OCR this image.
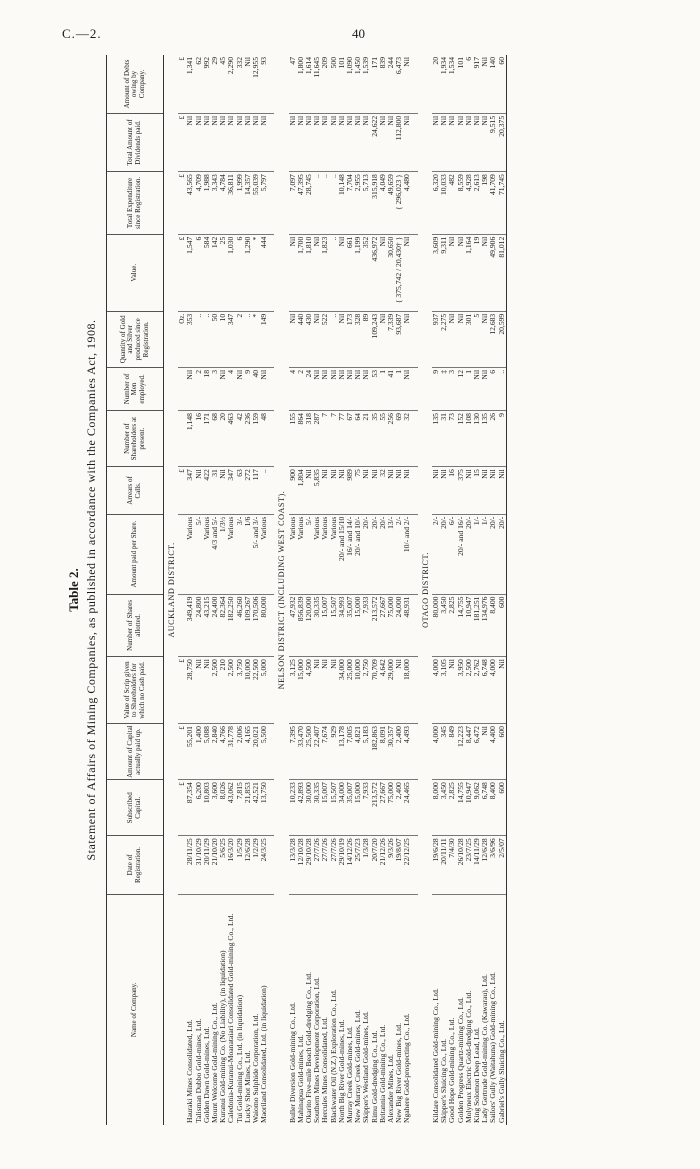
C.—2.	40
Table 2. Statement of Affairs of Mining Companies, as published in accordance with the Companies Act, 1908.
Name of Company.	Date of Registration.	Subscribed Capital.	Amount of Capital actually paid up.	Value of Scrip given to Shareholders for which no Cash paid.	Number of Shares allotted.	Amount paid per Share.	Arrears of Calls.	Number of Shareholders at present.	Number of Men employed.	Quantity of Gold and Silver produced since Registration.	Value.	Total Expenditure since Registration.	Total Amount of Dividends paid.	Amount of Debts owing by Company.
AUCKLAND DISTRICT.														
		£	£	£			£			Oz.	£	£	£	£
Hauraki Mines Consolidated, Ltd.	28/11/25	87,354	55,201	28,750	349,419	Various	347	1,148	Nil	353	1,547	43,565	Nil	1,341
Talisman Dubbo Gold-mines, Ltd.	31/10/29	6,200	1,400	Nil	24,800	5/-	Nil	16	2	..	6	4,709	Nil	62
Golden Dawn Gold-mines, Ltd.	20/11/29	10,803	5,088	Nil	43,215	Various	422	171	18	..	584	1,988	Nil	992
Mount Welcome Gold-mining Co., Ltd.	21/10/20	3,600	2,840	2,500	24,400	4/3 and 5/-	31	68	3	50	142	3,343	Nil	29
Kuranui Gold-mining Co. (No Liability), (in liquidation)	5/6/25	8,026	4,766	210	82,364	1/3½	Nil	20	Nil	10	25	4,784	Nil	45
Caledonia-Kuranui-Moanataiari Consolidated Gold-mining Co., Ltd.	16/3/20	43,062	31,778	2,500	182,250	Various	347	463	4	347	1,030	36,811	Nil	2,290
Tui Gold-mining Co., Ltd. (in liquidation)	1/5/29	7,815	2,006	3,750	46,260	3/-	63	42	Nil	2	6	1,999	Nil	332
Lucky Shot Mines, Ltd.	12/6/28	21,853	4,165	10,000	109,267	1/6	272	236	9	..	1,290	14,357	Nil	Nil
Waiomo Sulphide Corporation, Ltd.	1/2/29	42,521	20,021	22,500	170,506	5/- and 3/-	117	159	40	*	*	55,039	Nil	12,955
Maoriland Consolidated, Ltd. (in liquidation)	24/3/25	13,750	5,500	5,000	80,000	Various	..	48	Nil	149	444	5,797	Nil	93

NELSON DISTRICT (INCLUDING WEST COAST).														
Buller Diversion Gold-mining Co., Ltd.	13/3/28	10,233	7,395	3,125	47,932	Various	900	155	4	Nil	Nil	7,097	Nil	47
Mahinapua Gold-mines, Ltd.	12/10/28	42,893	33,470	15,000	856,839	Various	1,804	864	2	440	1,700	47,395	Nil	1,800
Okarito Five-mile Beach Gold-dredging Co., Ltd.	29/10/28	30,000	25,500	4,500	120,000	5/-	Nil	318	24	430	1,810	28,745	Nil	1,614
Southern Mines Development Corporation, Ltd.	27/7/26	30,335	22,407	Nil	30,335	Various	5,835	287	Nil	Nil	Nil	..	Nil	11,645
Hercules Mines Consolidated, Ltd.	27/7/26	15,007	7,674	Nil	15,007	Various	Nil	7	Nil	522	1,823	..	Nil	209
Blackwater Oil (N.Z.) Exploration Co., Ltd.	27/7/26	15,507	929	Nil	15,507	Various	Nil	7	Nil	..	..	..	Nil	500
North Big River Gold-mines, Ltd.	29/10/19	34,000	13,178	34,000	34,993	20/- and 15/10	Nil	77	Nil	Nil	Nil	10,148	Nil	101
Murray Creek Gold-mines, Ltd.	14/12/26	35,007	7,005	25,000	35,007	16/- and 14/-	989	67	Nil	173	661	7,704	Nil	1,090
New Murray Creek Gold-mines, Ltd.	25/7/23	15,000	4,821	10,000	15,000	20/- and 10/-	75	64	Nil	328	1,199	2,955	Nil	1,450
Skipper's Westland Gold-mines, Ltd.	1/3/28	7,933	5,183	2,750	7,933	20/-	Nil	21	Nil	89	352	5,713	Nil	1,539
Rimu Gold-dredging Co., Ltd.	20/7/20	213,572	182,863	70,709	213,572	20/-	Nil	35	53	109,243	436,972	315,918	24,622	171
Britannia Gold-mining Co., Ltd.	21/12/26	27,667	8,091	4,642	27,667	20/-	32	55	1	Nil	Nil	4,049	Nil	839
Alexander Mines, Ltd.	9/3/26	75,000	30,357	29,000	75,000	13/-	Nil	256	41	7,339	30,650	49,659	Nil	244
New Big River Gold-mines, Ltd.	19/8/07	2,400	2,400	Nil	24,000	2/-	Nil	69	1	93,687	{ 375,742 / 20,430† }	{ 296,023 }	112,800	6,473
Ngahere Gold-prospecting Co., Ltd.	22/12/25	24,465	4,493	18,000	48,931	10/- and 2/-	Nil	32	Nil	Nil	Nil	4,480	Nil	Nil

OTAGO DISTRICT.														
Kildare Consolidated Gold-mining Co., Ltd.	19/6/28	8,000	4,000	4,000	80,000	2/-	Nil	135	9	937	3,609	6,320	Nil	20
Skipper's Sluicing Co., Ltd.	20/11/11	3,450	345	3,105	3,450	20/-	Nil	31	‡	2,275	9,311	10,033	Nil	1,934
Good Hope Gold-mining Co., Ltd.	7/4/30	2,825	849	Nil	2,825	6/-	16	73	3	Nil	Nil	482	Nil	1,534
Golden Progress Quartz-mining Co., Ltd.	26/10/28	14,755	12,223	3,950	14,755	20/- and 16/-	375	152	12	Nil	Nil	8,559	Nil	101
Molyneux Electric Gold-dredging Co., Ltd.	23/7/25	10,947	8,447	2,500	10,947	20/-	Nil	108	1	301	1,164	4,928	Nil	6
King Solomon Deep Lead, Ltd.	14/11/29	9,062	6,472	2,762	181,251	1/-	15	130	Nil	5	19	2,613	Nil	917
Lady Gertrude Gold-mining Co. (Kawarau), Ltd.	12/6/28	6,748	Nil	6,748	134,976	1/-	Nil	135	Nil	Nil	Nil	198	Nil	Nil
Sailors' Gully (Waitahuna) Gold-mining Co., Ltd.	3/6/96	8,400	4,400	4,000	8,400	20/-	Nil	26	6	12,683	49,906	41,709	9,515	140
Gabriel's Gully Sluicing Co., Ltd.	2/5/07	600	600	Nil	600	20/-	Nil	9	..	20,599	81,012	71,745	20,375	60
